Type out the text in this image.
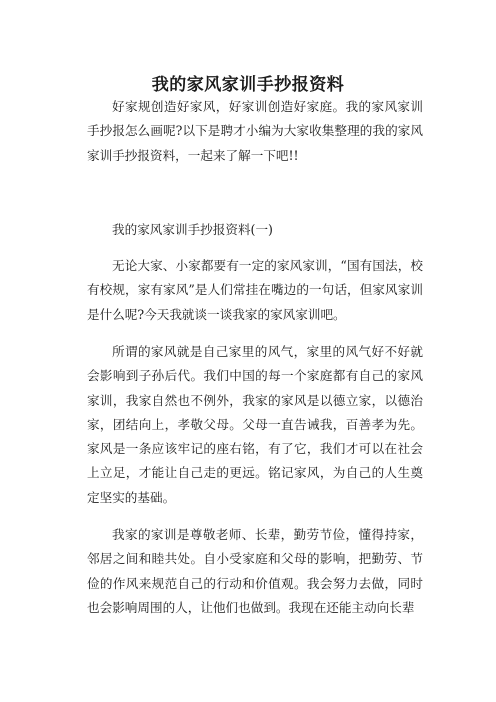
我的家风家训手抄报资料

好家规创造好家风，好家训创造好家庭。我的家风家训手抄报怎么画呢?以下是聘才小编为大家收集整理的我的家风家训手抄报资料，一起来了解一下吧!!

我的家风家训手抄报资料(一)

无论大家、小家都要有一定的家风家训，“国有国法，校有校规，家有家风”是人们常挂在嘴边的一句话，但家风家训是什么呢?今天我就谈一谈我家的家风家训吧。

所谓的家风就是自己家里的风气，家里的风气好不好就会影响到子孙后代。我们中国的每一个家庭都有自己的家风家训，我家自然也不例外，我家的家风是以德立家，以德治家，团结向上，孝敬父母。父母一直告诫我，百善孝为先。家风是一条应该牢记的座右铭，有了它，我们才可以在社会上立足，才能让自己走的更远。铭记家风，为自己的人生奠定坚实的基础。

我家的家训是尊敬老师、长辈，勤劳节俭，懂得持家，邻居之间和睦共处。自小受家庭和父母的影响，把勤劳、节俭的作风来规范自己的行动和价值观。我会努力去做，同时也会影响周围的人，让他们也做到。我现在还能主动向长辈
